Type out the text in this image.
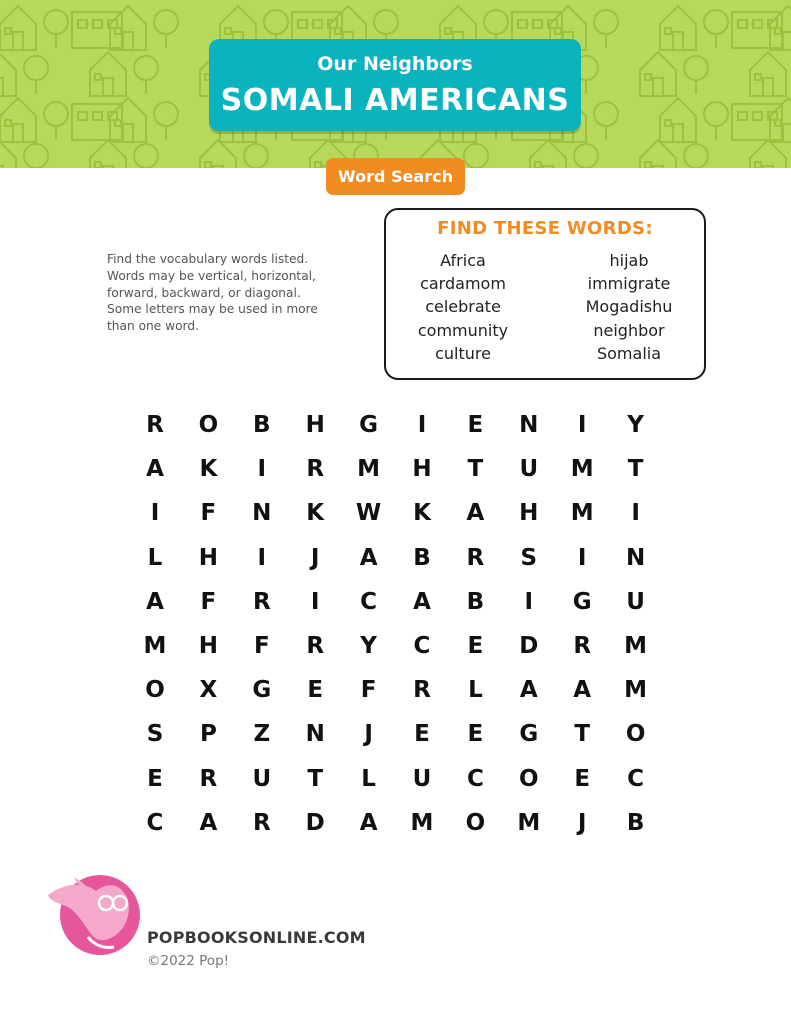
Our Neighbors
SOMALI AMERICANS
Word Search
Find the vocabulary words listed. Words may be vertical, horizontal, forward, backward, or diagonal. Some letters may be used in more than one word.
FIND THESE WORDS:
Africa
cardamom
celebrate
community
culture
hijab
immigrate
Mogadishu
neighbor
Somalia
R	O	B	H	G	I	E	N	I	Y
A	K	I	R	M	H	T	U	M	T
I	F	N	K	W	K	A	H	M	I
L	H	I	J	A	B	R	S	I	N
A	F	R	I	C	A	B	I	G	U
M	H	F	R	Y	C	E	D	R	M
O	X	G	E	F	R	L	A	A	M
S	P	Z	N	J	E	E	G	T	O
E	R	U	T	L	U	C	O	E	C
C	A	R	D	A	M	O	M	J	B
POPBOOKSONLINE.COM
©2022 Pop!
